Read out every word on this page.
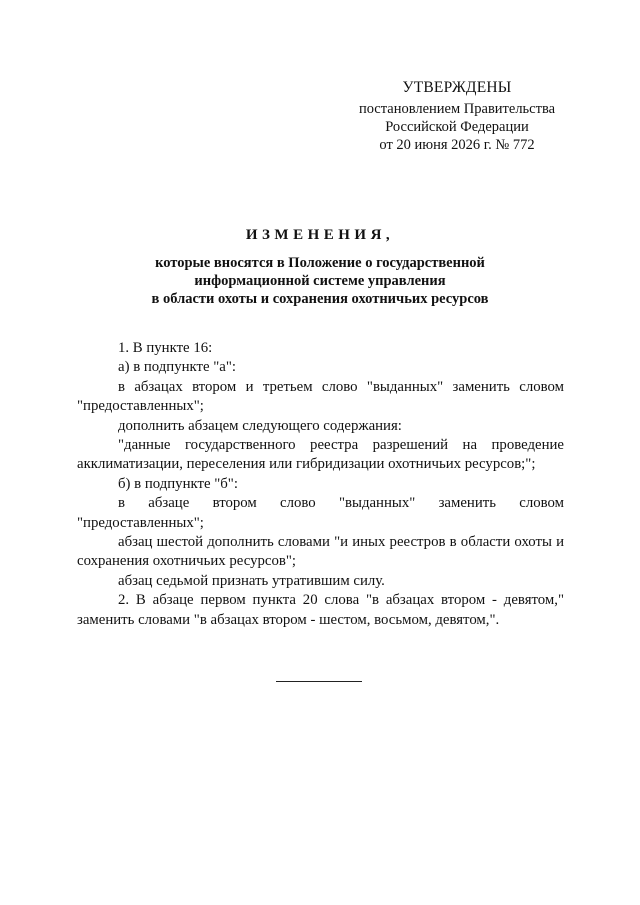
УТВЕРЖДЕНЫ
постановлением Правительства
Российской Федерации
от 20 июня 2026 г. № 772
ИЗМЕНЕНИЯ,
которые вносятся в Положение о государственной
информационной системе управления
в области охоты и сохранения охотничьих ресурсов

1. В пункте 16:

а) в подпункте "а":

в абзацах втором и третьем слово "выданных" заменить словом "предоставленных";

дополнить абзацем следующего содержания:

"данные государственного реестра разрешений на проведение акклиматизации, переселения или гибридизации охотничьих ресурсов;";

б) в подпункте "б":

в абзаце втором слово "выданных" заменить словом

"предоставленных";

абзац шестой дополнить словами "и иных реестров в области охоты и сохранения охотничьих ресурсов";

абзац седьмой признать утратившим силу.

2. В абзаце первом пункта 20 слова "в абзацах втором - девятом," заменить словами "в абзацах втором - шестом, восьмом, девятом,".
